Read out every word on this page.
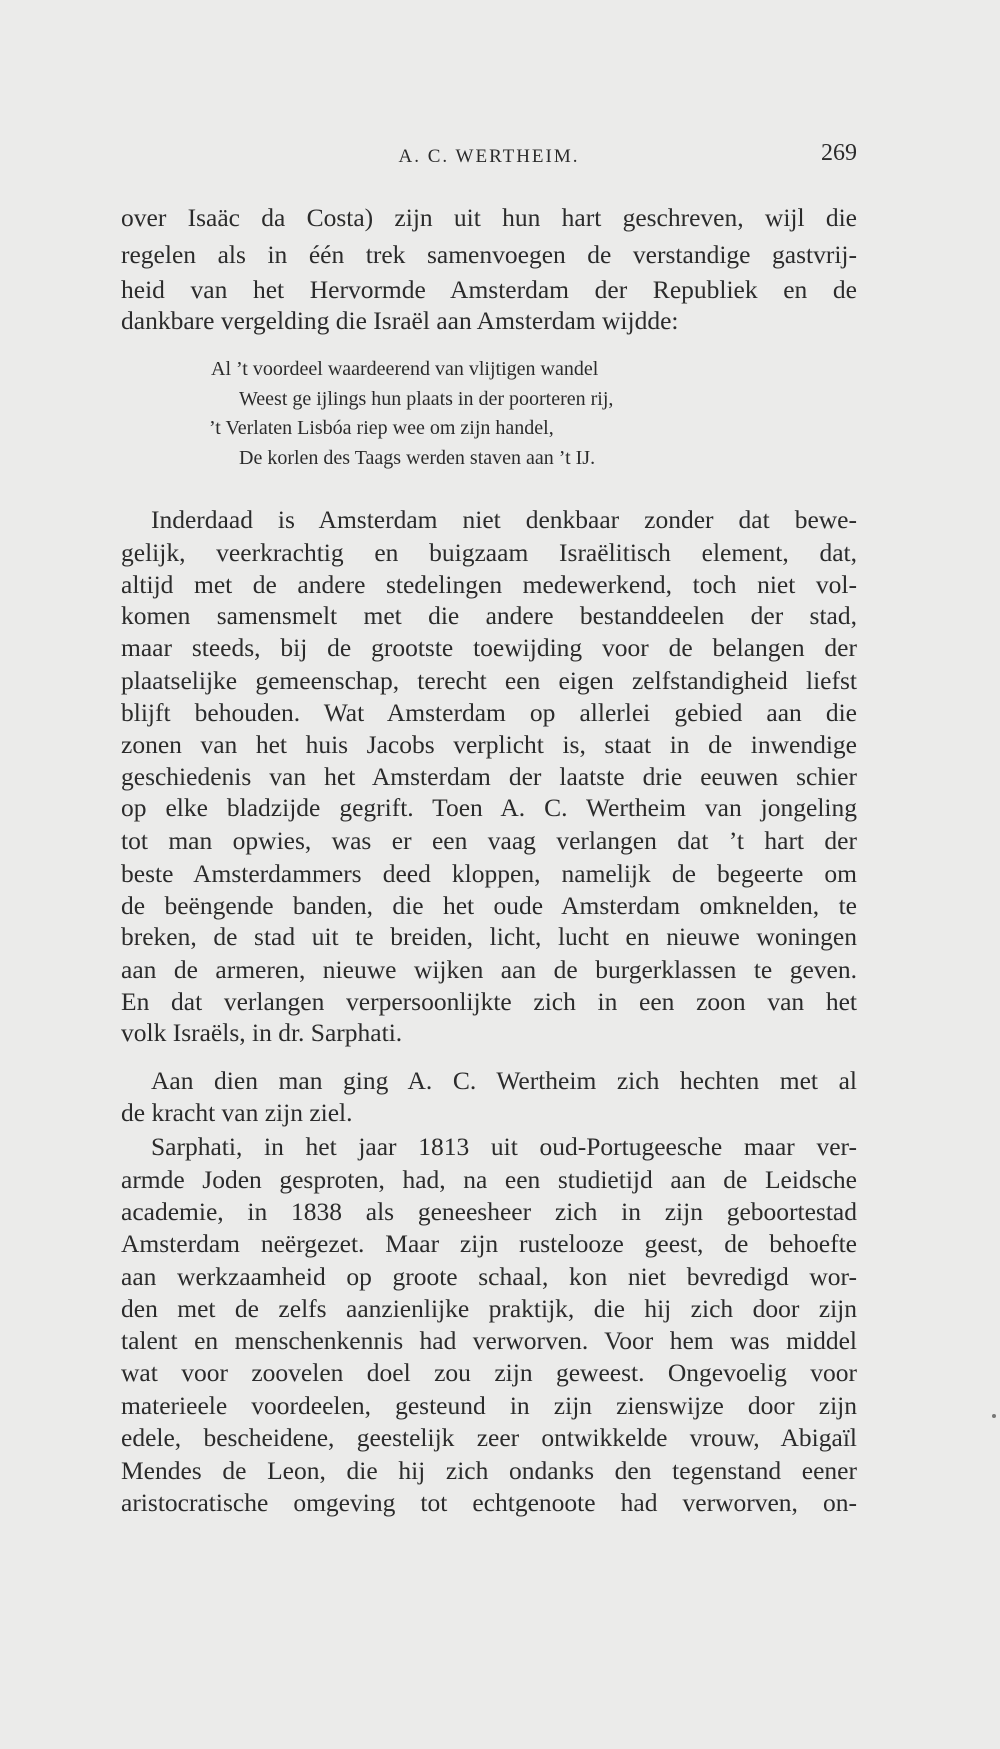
A. C. WERTHEIM.	269
over Isaäc da Costa) zijn uit hun hart geschreven, wijl die
regelen als in één trek samenvoegen de verstandige gastvrij-
heid van het Hervormde Amsterdam der Republiek en de
dankbare vergelding die Israël aan Amsterdam wijdde:
Al ’t voordeel waardeerend van vlijtigen wandel
Weest ge ijlings hun plaats in der poorteren rij,
’t Verlaten Lisbóa riep wee om zijn handel,
De korlen des Taags werden staven aan ’t IJ.
Inderdaad is Amsterdam niet denkbaar zonder dat bewe-
gelijk, veerkrachtig en buigzaam Israëlitisch element, dat,
altijd met de andere stedelingen medewerkend, toch niet vol-
komen samensmelt met die andere bestanddeelen der stad,
maar steeds, bij de grootste toewijding voor de belangen der
plaatselijke gemeenschap, terecht een eigen zelfstandigheid liefst
blijft behouden. Wat Amsterdam op allerlei gebied aan die
zonen van het huis Jacobs verplicht is, staat in de inwendige
geschiedenis van het Amsterdam der laatste drie eeuwen schier
op elke bladzijde gegrift. Toen A. C. Wertheim van jongeling
tot man opwies, was er een vaag verlangen dat ’t hart der
beste Amsterdammers deed kloppen, namelijk de begeerte om
de beëngende banden, die het oude Amsterdam omknelden, te
breken, de stad uit te breiden, licht, lucht en nieuwe woningen
aan de armeren, nieuwe wijken aan de burgerklassen te geven.
En dat verlangen verpersoonlijkte zich in een zoon van het
volk Israëls, in dr. Sarphati.
Aan dien man ging A. C. Wertheim zich hechten met al
de kracht van zijn ziel.
Sarphati, in het jaar 1813 uit oud-Portugeesche maar ver-
armde Joden gesproten, had, na een studietijd aan de Leidsche
academie, in 1838 als geneesheer zich in zijn geboortestad
Amsterdam neërgezet. Maar zijn rustelooze geest, de behoefte
aan werkzaamheid op groote schaal, kon niet bevredigd wor-
den met de zelfs aanzienlijke praktijk, die hij zich door zijn
talent en menschenkennis had verworven. Voor hem was middel
wat voor zoovelen doel zou zijn geweest. Ongevoelig voor
materieele voordeelen, gesteund in zijn zienswijze door zijn
edele, bescheidene, geestelijk zeer ontwikkelde vrouw, Abigaïl
Mendes de Leon, die hij zich ondanks den tegenstand eener
aristocratische omgeving tot echtgenoote had verworven, on-
